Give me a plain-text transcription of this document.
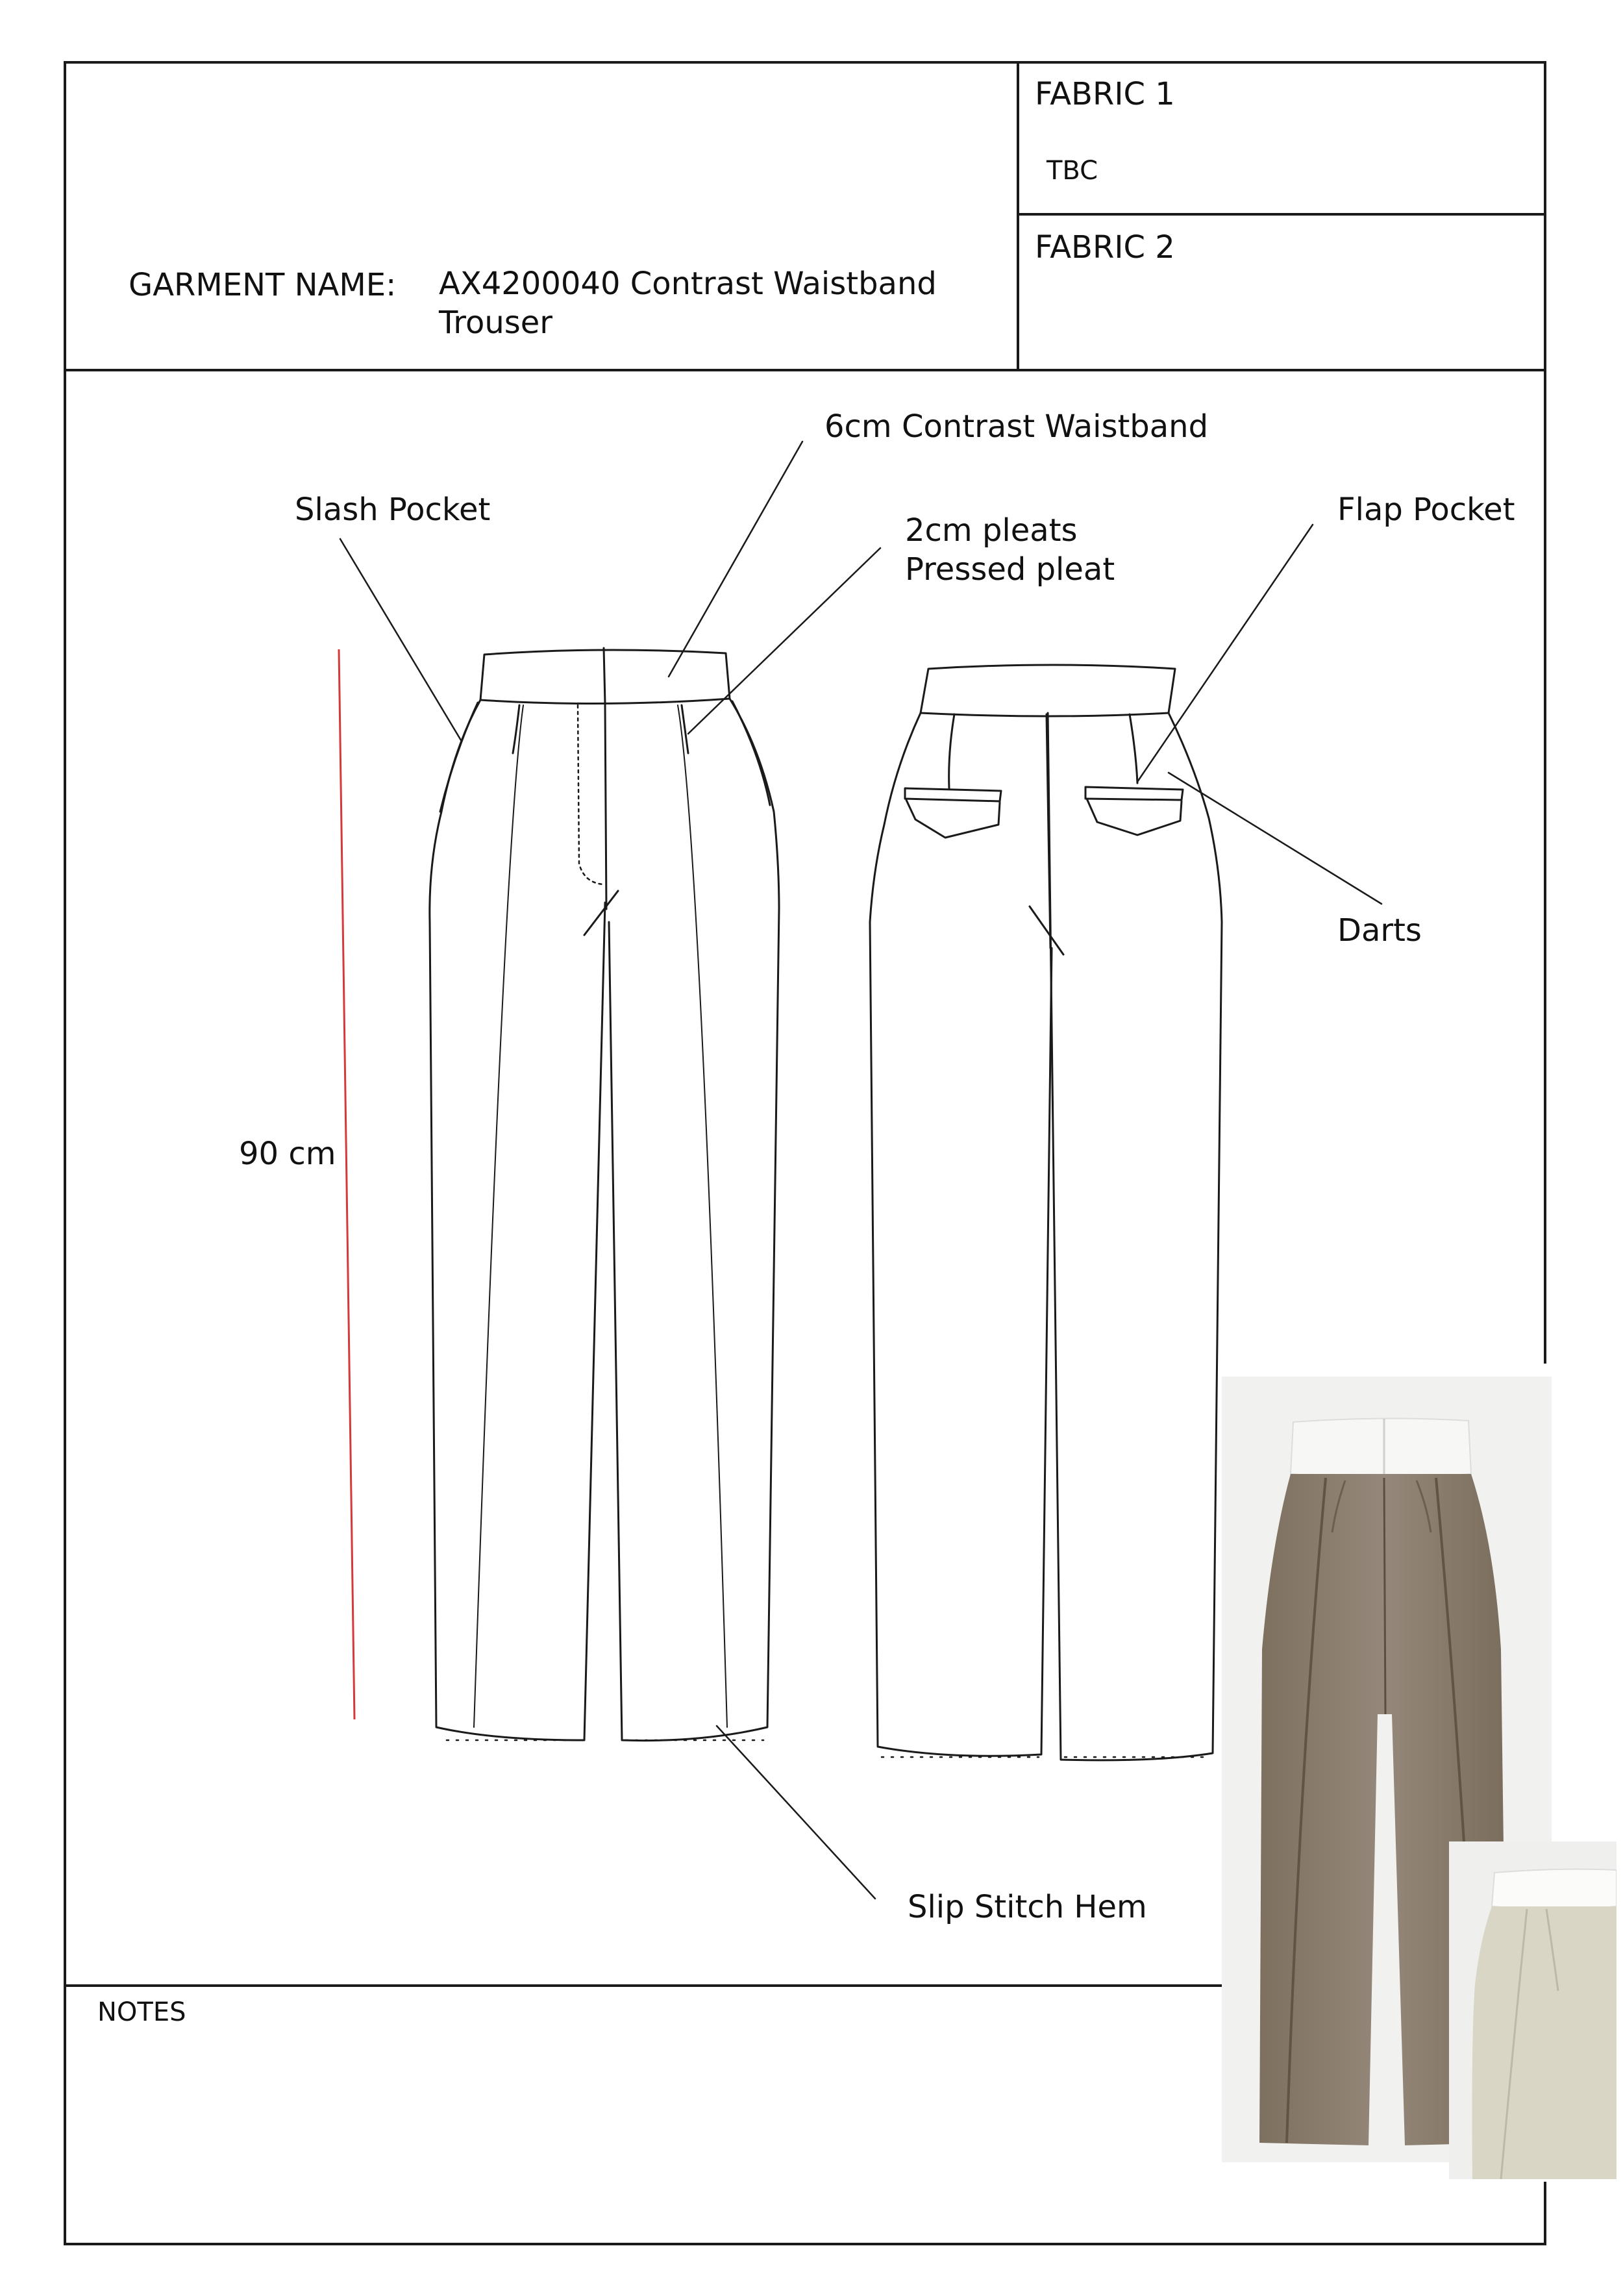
GARMENT NAME: AX4200040 Contrast Waistband
Trouser
FABRIC 1
TBC
FABRIC 2
6cm Contrast Waistband
Slash Pocket
2cm pleats
Pressed pleat
Flap Pocket
Darts
90 cm
Slip Stitch Hem
NOTES
